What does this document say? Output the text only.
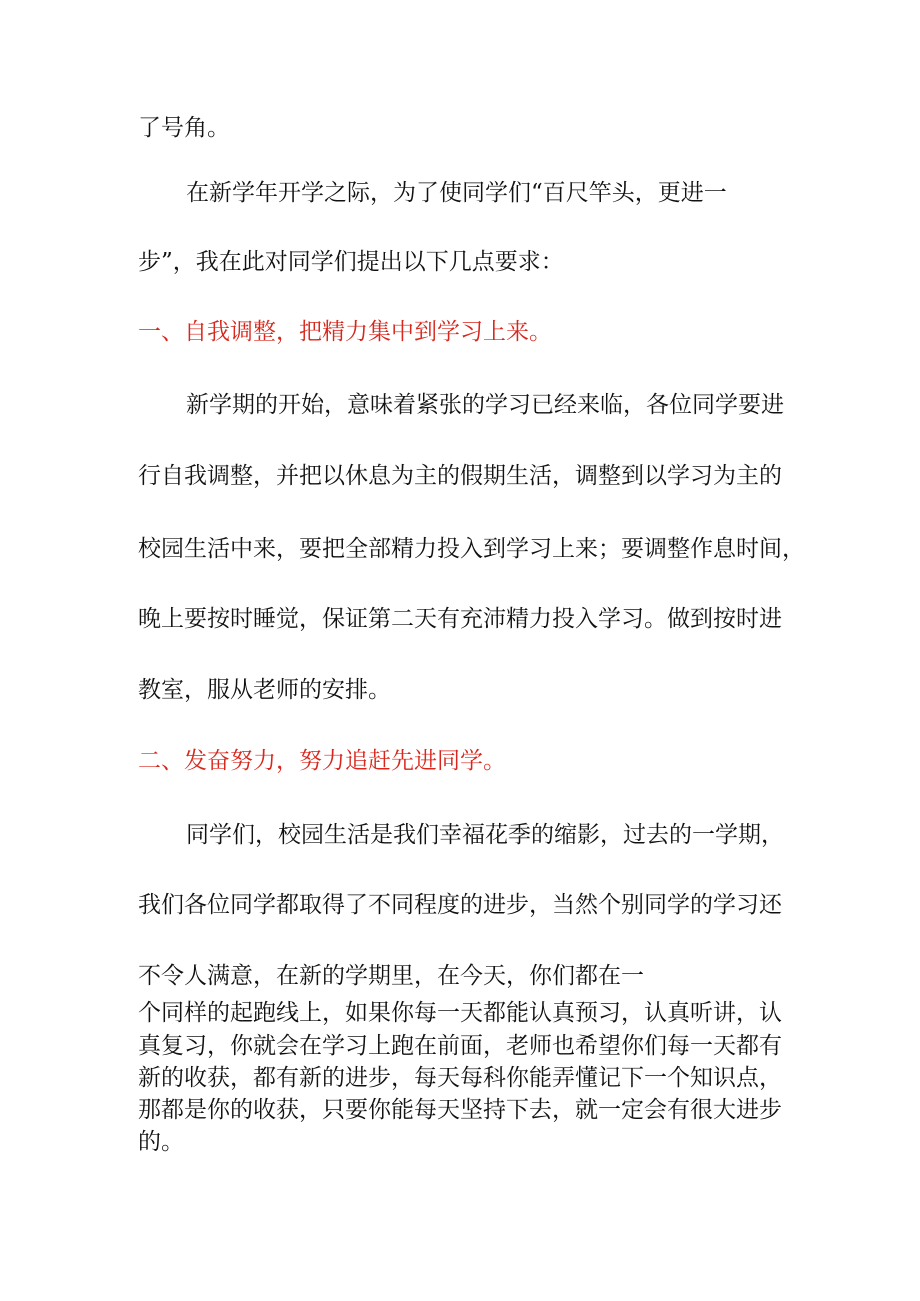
了号角。
在新学年开学之际，为了使同学们“百尺竿头，更进一
步”，我在此对同学们提出以下几点要求：
一、自我调整，把精力集中到学习上来。
新学期的开始，意味着紧张的学习已经来临，各位同学要进
行自我调整，并把以休息为主的假期生活，调整到以学习为主的
校园生活中来，要把全部精力投入到学习上来；要调整作息时间，
晚上要按时睡觉，保证第二天有充沛精力投入学习。做到按时进
教室，服从老师的安排。
二、发奋努力，努力追赶先进同学。
同学们，校园生活是我们幸福花季的缩影，过去的一学期，
我们各位同学都取得了不同程度的进步，当然个别同学的学习还
不令人满意，在新的学期里，在今天，你们都在一
个同样的起跑线上，如果你每一天都能认真预习，认真听讲，认
真复习，你就会在学习上跑在前面，老师也希望你们每一天都有
新的收获，都有新的进步，每天每科你能弄懂记下一个知识点，
那都是你的收获，只要你能每天坚持下去，就一定会有很大进步
的。
